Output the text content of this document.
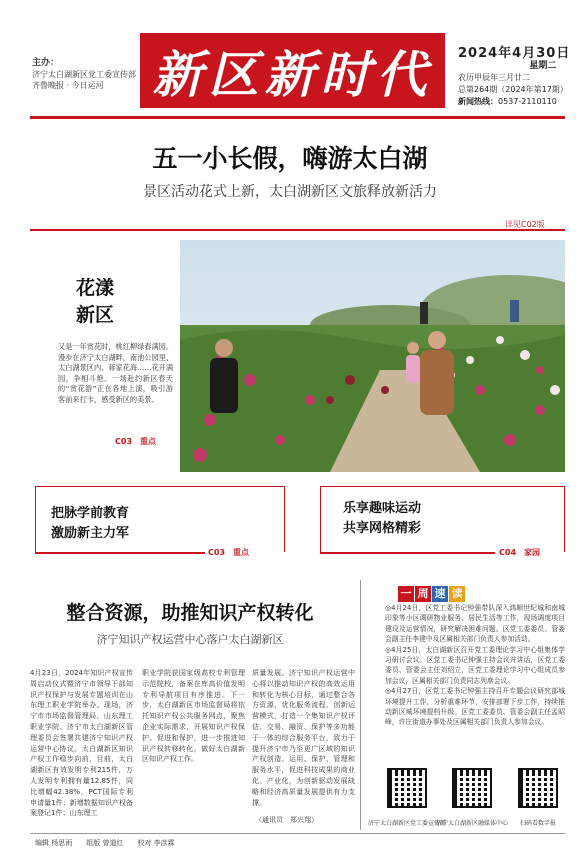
主办：
济宁太白湖新区党工委宣传部
齐鲁晚报 · 今日运河 新区新时代 2024年4月30日
星期二
农历甲辰年三月廿二
总第264期（2024年第17期）
新闻热线：0537-2110110
五一小长假，嗨游太白湖
景区活动花式上新，太白湖新区文旅释放新活力
详见C02版
花漾
新区
又是一年赏花时，桃红柳绿春满园。漫步在济宁太白湖畔，南池公园里、太白湖景区内、蒋家花海……花开满园，争相斗艳。一场赴约新区春天的“赏花游”正在各地上演，吸引游客前来打卡，感受新区的美景。
C03　重点
把脉学前教育
激励新主力军
C03　重点
乐享趣味运动
共享网格精彩
C04　家园
整合资源，助推知识产权转化
济宁知识产权运营中心落户太白湖新区
4月23日，2024年知识产权宣传周启动仪式暨济宁市领导干部知识产权保护与发展专题培训在山东理工职业学院举办。现场，济宁市市场监督管理局、山东理工职业学院、济宁市太白湖新区管理委员会签署共建济宁知识产权运营中心协议。太白湖新区知识产权工作稳步向前，目前，太白湖新区有效发明专利215件，万人发明专利拥有量12.85件，同比增幅42.38%，PCT国际专利申请量1件；新增数据知识产权备案登记1件；山东理工
职业学院获国家级高校专利管理示范院校，备案在库高价值发明专利导航项目有序推进。下一步，太白湖新区市场监督局将依托知识产权公共服务网点，聚焦企业实际需求，开展知识产权保护、促进和保护，进一步推进知识产权转移转化，做好太白湖新区知识产权工作。
质量发展。济宁知识产权运营中心将以推动知识产权的高效运用和转化为核心目标，通过整合各方资源，优化服务流程，创新运营模式，打造一个集知识产权评估、交易、融资、保护等多功能于一体的综合服务平台，致力于提升济宁市乃至更广区域的知识产权创造、运用、保护、管理和服务水平，促进科技成果的商业化、产业化，为创新驱动发展战略和经济高质量发展提供有力支撑。
（通讯员　郑兴翔）
一 周 速 读

◎4月24日，区党工委书记钟强带队深入鸿顺世纪城和南城印象等小区调研物业服务、居民生活等工作，现场调度项目建设及运营情况，研究解决困难问题。区党工委委员、管委会副主任李建中及区属相关部门负责人参加活动。

◎4月25日，太白湖新区召开党工委理论学习中心组集体学习研讨会议。区党工委书记钟强主持会议并讲话，区党工委委员、管委会主任刘绍立，区党工委理论学习中心组成员参加会议，区属相关部门负责同志列席会议。

◎4月27日，区党工委书记钟强主持召开专题会议研究部城环境提升工作，分析重难环节，安排部署下步工作，持续推动新区城环境提档升级。区党工委委员、管委会副主任孟昭峰，许庄街道办事处及区属相关部门负责人参加会议。

济宁太白湖新区党工委宣传部
济宁太白湖新区融媒体中心	扫码看数字报
编辑 杨思雨　　组版 曾道红　　校对 李彦霖
